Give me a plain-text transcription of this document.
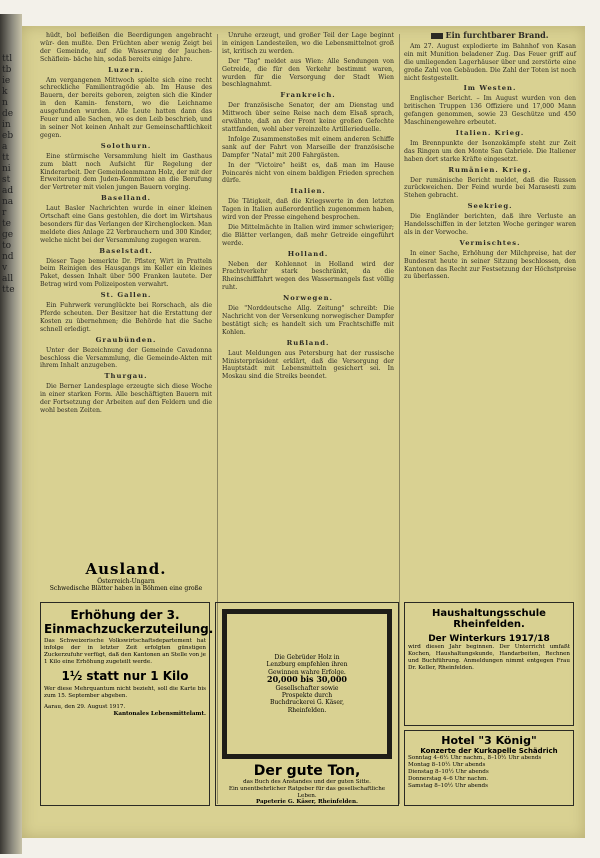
ttl
tb
ie
k
n
de
in
eb
a
tt
ni
st
ad
na
r
te
ge
to
nd
v
all
tte

hüdt, bol befleißen die Beerdigungen angebracht wür- den mußte. Den Früchten aber wenig Zeigt bei der Gemeinde, auf die Wasserung der Jauchen-Schäflein- bäche hin, sodaß bereits einige Jahre.

Luzern.

Am vergangenen Mittwoch spielte sich eine recht schreckliche Familientragödie ab. Im Hause des Bauern, der bereits geboren, zeigten sich die Kinder in den Kamin- fenstern, wo die Leichname ausgefunden wurden. Alle Leute hatten dann das Feuer und alle Sachen, wo es den Leib beschrieb, und in seiner Not keinen Anhalt zur Gemeinschaftlichkeit gegen.

Solothurn.

Eine stürmische Versammlung hielt im Gasthaus zum blatt noch Aufsicht für Regelung der Kinderarbeit. Der Gemeindeammann Holz, der mit der Erweiterung dem Juden-Kommittee an die Berufung der Vertreter mit vielen jungen Bauern vorging.

Baselland.

Laut Basler Nachrichten wurde in einer kleinen Ortschaft eine Gans gestohlen, die dort im Wirtshaus besonders für das Verlangen der Kirchenglocken. Man meldete dies Anlage 22 Verbrauchern und 300 Kinder, welche nicht bei der Versammlung zugegen waren.

Baselstadt.

Dieser Tage bemerkte Dr. Pfister, Wirt in Pratteln beim Reinigen des Hausgangs im Keller ein kleines Paket, dessen Inhalt über 500 Franken lautete. Der Betrag wird vom Polizeiposten verwahrt.

St. Gallen.

Ein Fuhrwerk verunglückte bei Rorschach, als die Pferde scheuten. Der Besitzer hat die Erstattung der Kosten zu übernehmen; die Behörde hat die Sache schnell erledigt.

Graubünden.

Unter der Bezeichnung der Gemeinde Cavadonna beschloss die Versammlung, die Gemeinde-Akten mit ihrem Inhalt anzugeben.

Thurgau.

Die Berner Landesplage erzeugte sich diese Woche in einer starken Form. Alle beschäftigten Bauern mit der Fortsetzung der Arbeiten auf den Feldern und die wohl besten Zeiten.

Ausland.
Österreich-Ungarn
Schwedische Blätter haben in Böhmen eine große

Unruhe erzeugt, und großer Teil der Lage beginnt in einigen Landesteilen, wo die Lebensmittelnot groß ist, kritisch zu werden.

Der "Tag" meldet aus Wien: Alle Sendungen von Getreide, die für den Verkehr bestimmt waren, wurden für die Versorgung der Stadt Wien beschlagnahmt.

Frankreich.

Der französische Senator, der am Dienstag und Mittwoch über seine Reise nach dem Elsaß sprach, erwähnte, daß an der Front keine großen Gefechte stattfanden, wohl aber vereinzelte Artillerieduelle.

Infolge Zusammenstoßes mit einem anderen Schiffe sank auf der Fahrt von Marseille der französische Dampfer "Natal" mit 200 Fahrgästen.

In der "Victoire" heißt es, daß man im Hause Poincarés nicht von einem baldigen Frieden sprechen dürfe.

Italien.

Die Tätigkeit, daß die Kriegswerte in den letzten Tagen in Italien außerordentlich zugenommen haben, wird von der Presse eingehend besprochen.

Die Mittelmächte in Italien wird immer schwieriger; die Blätter verlangen, daß mehr Getreide eingeführt werde.

Holland.

Neben der Kohlennot in Holland wird der Frachtverkehr stark beschränkt, da die Rheinschifffahrt wegen des Wassermangels fast völlig ruht.

Norwegen.

Die "Norddeutsche Allg. Zeitung" schreibt: Die Nachricht von der Versenkung norwegischer Dampfer bestätigt sich; es handelt sich um Frachtschiffe mit Kohlen.

Rußland.

Laut Meldungen aus Petersburg hat der russische Ministerpräsident erklärt, daß die Versorgung der Hauptstadt mit Lebensmitteln gesichert sei. In Moskau sind die Streiks beendet.

Ein furchtbarer Brand.

Am 27. August explodierte im Bahnhof von Kasan ein mit Munition beladener Zug. Das Feuer griff auf die umliegenden Lagerhäuser über und zerstörte eine große Zahl von Gebäuden. Die Zahl der Toten ist noch nicht festgestellt.

Im Westen.

Englischer Bericht. – Im August wurden von den britischen Truppen 136 Offiziere und 17,000 Mann gefangen genommen, sowie 23 Geschütze und 450 Maschinengewehre erbeutet.

Italien. Krieg.

Im Brennpunkte der Isonzokämpfe steht zur Zeit das Ringen um den Monte San Gabriele. Die Italiener haben dort starke Kräfte eingesetzt.

Rumänien. Krieg.

Der rumänische Bericht meldet, daß die Russen zurückweichen. Der Feind wurde bei Marasesti zum Stehen gebracht.

Seekrieg.

Die Engländer berichten, daß ihre Verluste an Handelsschiffen in der letzten Woche geringer waren als in der Vorwoche.

Vermischtes.

In einer Sache, Erhöhung der Milchpreise, hat der Bundesrat heute in seiner Sitzung beschlossen, den Kantonen das Recht zur Festsetzung der Höchstpreise zu überlassen.

Erhöhung der 3. Einmachzuckerzuteilung.
Das Schweizerische Volkswirtschaftsdepartement hat infolge der in letzter Zeit erfolgten günstigen Zuckerzufuhr verfügt, daß den Kantonen an Stelle von je 1 Kilo eine Erhöhung zugeteilt werde.
1½ statt nur 1 Kilo
Wer diese Mehrquantum nicht bezieht, soll die Karte bis zum 15. September abgeben.
Aarau, den 29. August 1917.
Kantonales Lebensmittelamt.
Die Gebrüder Holz in Lenzburg empfehlen ihren Gewinnen wahre Erfolge.
20,000 bis 30,000
Gesellschafter sowie Prospekte durch Buchdruckerei G. Käser, Rheinfelden.
Der gute Ton,
das Buch des Anstandes und der guten Sitte.
Ein unentbehrlicher Ratgeber für das gesellschaftliche Leben.
Papeterie G. Käser, Rheinfelden.
Haushaltungsschule Rheinfelden.
Der Winterkurs 1917/18
wird diesen Jahr beginnen. Der Unterricht umfaßt Kochen, Haushaltungskunde, Handarbeiten, Rechnen und Buchführung. Anmeldungen nimmt entgegen Frau Dr. Keller, Rheinfelden.
Hotel "3 König"
Konzerte der Kurkapelle Schädrich
Sonntag 4–6½ Uhr nachm., 8–10½ Uhr abends
Montag 8–10½ Uhr abends
Dienstag 8–10½ Uhr abends
Donnerstag 4–6 Uhr nachm.
Samstag 8–10½ Uhr abends
